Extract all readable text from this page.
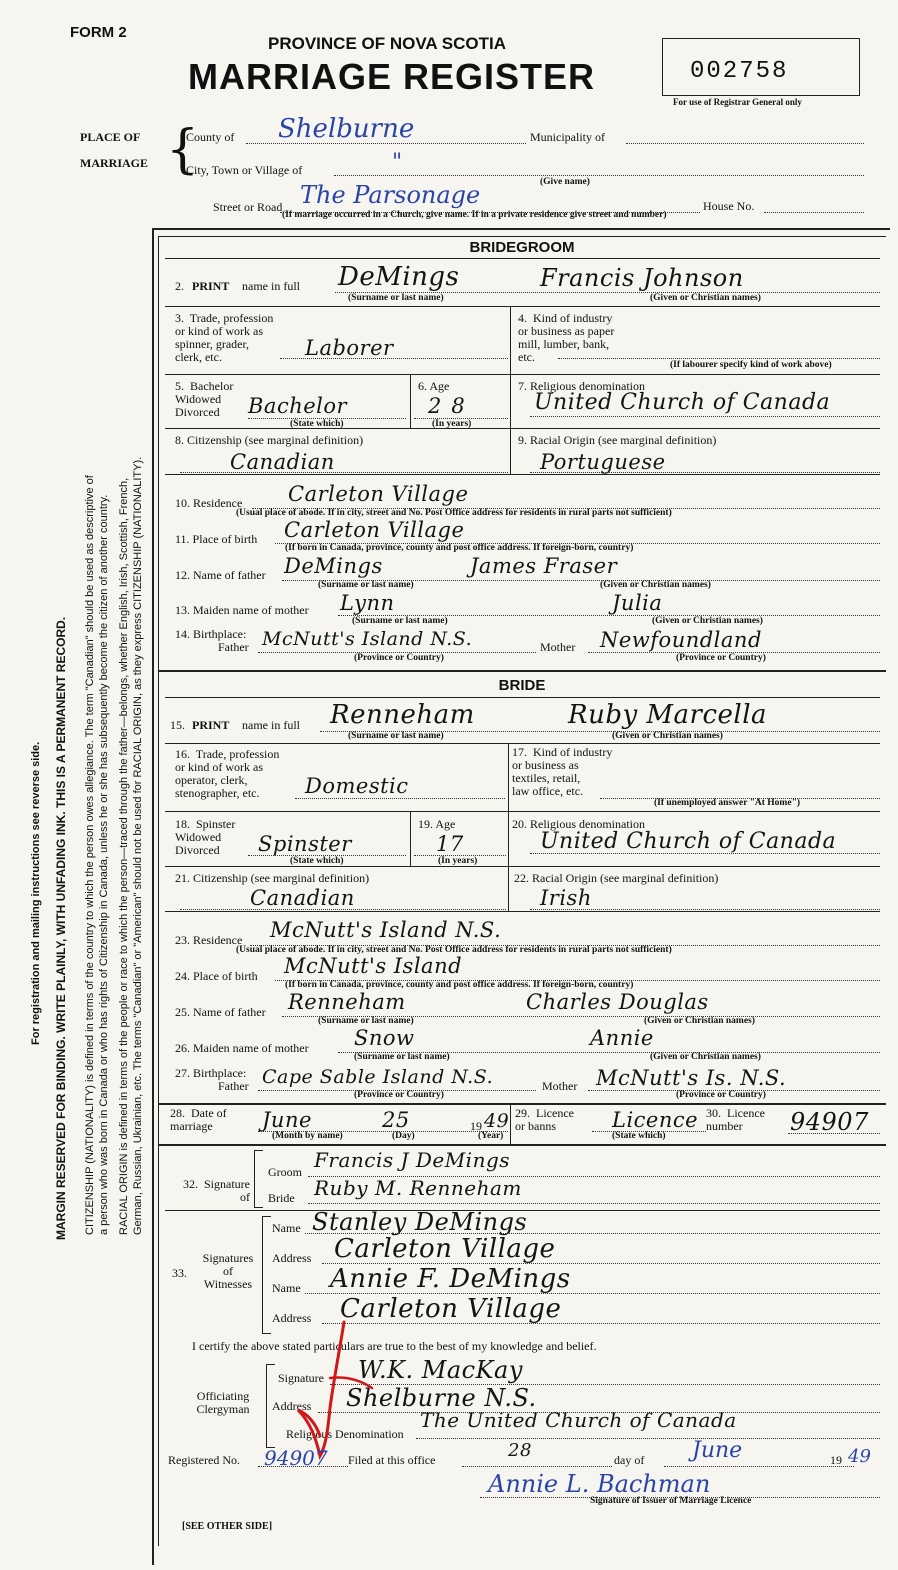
FORM 2
PROVINCE OF NOVA SCOTIA
MARRIAGE REGISTER	002758
For use of Registrar General only
For registration and mailing instructions see reverse side. MARGIN RESERVED FOR BINDING. WRITE PLAINLY, WITH UNFADING INK. THIS IS A PERMANENT RECORD. CITIZENSHIP (NATIONALITY) is defined in terms of the country to which the person owes allegiance. The term "Canadian" should be used as descriptive of a person who was born in Canada or who has rights of Citizenship in Canada, unless he or she has subsequently become the citizen of another country. RACIAL ORIGIN is defined in terms of the people or race to which the person—traced through the father—belongs, whether English, Irish, Scottish, French, German, Russian, Ukrainian, etc. The terms "Canadian" or "American" should not be used for RACIAL ORIGIN, as they express CITIZENSHIP (NATIONALITY).
PLACE OF
MARRIAGE {
County of Shelburne	Municipality of
City, Town or Village of	"
(Give name)
Street or Road The Parsonage	House No.
(If marriage occurred in a Church, give name. If in a private residence give street and number)
BRIDEGROOM
2. PRINT name in full DeMings	Francis Johnson
(Surname or last name)	(Given or Christian names)
3.  Trade, profession
or kind of work as
spinner, grader,
clerk, etc.	Laborer
4.  Kind of industry
or business as paper
mill, lumber, bank,
etc.
(If labourer specify kind of work above)
5.  Bachelor
Widowed
Divorced	Bachelor
(State which)
6. Age
28
(In years)
7. Religious denomination
United Church of Canada
8. Citizenship (see marginal definition)
Canadian
9. Racial Origin (see marginal definition)
Portuguese
10. Residence Carleton Village
(Usual place of abode. If in city, street and No. Post Office address for residents in rural parts not sufficient)
11. Place of birth Carleton Village
(If born in Canada, province, county and post office address. If foreign-born, country)
12. Name of father DeMings	James Fraser
(Surname or last name)	(Given or Christian names)
13. Maiden name of mother Lynn	Julia
(Surname or last name)	(Given or Christian names)
14. Birthplace:
Father McNutt's Island N.S.	Mother Newfoundland
(Province or Country)	(Province or Country)
BRIDE
15. PRINT name in full Renneham	Ruby Marcella
(Surname or last name)	(Given or Christian names)
16.  Trade, profession
or kind of work as
operator, clerk,
stenographer, etc.	Domestic
17.  Kind of industry
or business as
textiles, retail,
law office, etc.
(If unemployed answer "At Home")
18.  Spinster
Widowed
Divorced	Spinster
(State which)
19. Age
17
(In years)
20. Religious denomination
United Church of Canada
21. Citizenship (see marginal definition)
Canadian
22. Racial Origin (see marginal definition)
Irish
23. Residence McNutt's Island N.S.
(Usual place of abode. If in city, street and No. Post Office address for residents in rural parts not sufficient)
24. Place of birth McNutt's Island
(If born in Canada, province, county and post office address. If foreign-born, country)
25. Name of father Renneham	Charles Douglas
(Surname or last name)	(Given or Christian names)
26. Maiden name of mother Snow	Annie
(Surname or last name)	(Given or Christian names)
27. Birthplace:
Father Cape Sable Island N.S.	Mother McNutt's Is. N.S.
(Province or Country)	(Province or Country)
28.  Date of
marriage	June	25	19 49
(Month by name)	(Day)	(Year)
29.  Licence
or banns	Licence
(State which)
30.  Licence
number	94907
32.  Signature
of
Groom Francis J DeMings
Bride Ruby M. Renneham
33.
Signatures
of
Witnesses
Name Stanley DeMings
Address Carleton Village
Name Annie F. DeMings
Address Carleton Village
I certify the above stated particulars are true to the best of my knowledge and belief.
Officiating
Clergyman
Signature W.K. MacKay
Address Shelburne N.S.
Religious Denomination
The United Church of Canada
Registered No. 94907 Filed at this office	28	day of June	19 49
Annie L. Bachman
Signature of Issuer of Marriage Licence
[SEE OTHER SIDE]
